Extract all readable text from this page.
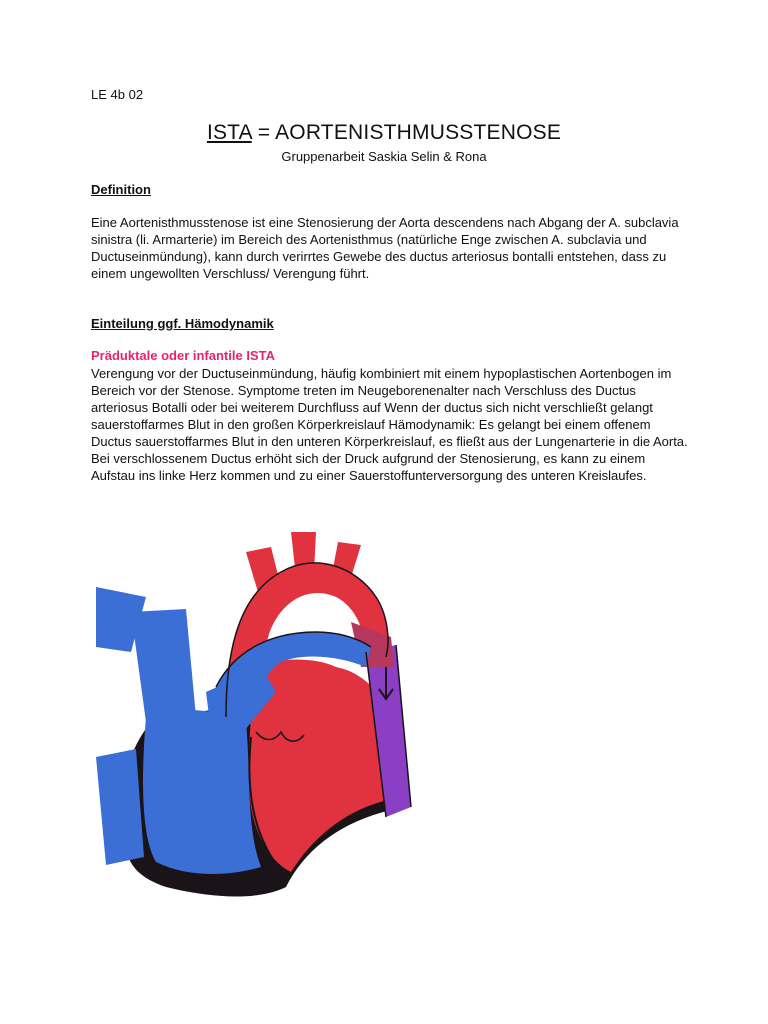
LE 4b 02
ISTA = AORTENISTHMUSSTENOSE
Gruppenarbeit Saskia Selin & Rona
Definition

Eine Aortenisthmusstenose ist eine Stenosierung der Aorta descendens nach Abgang der A. subclavia sinistra (li. Armarterie) im Bereich des Aortenisthmus (natürliche Enge zwischen A. subclavia und Ductuseinmündung), kann durch verirrtes Gewebe des ductus arteriosus bontalli entstehen, dass zu einem ungewollten Verschluss/ Verengung führt.

Einteilung ggf. Hämodynamik
Präduktale oder infantile ISTA

Verengung vor der Ductuseinmündung, häufig kombiniert mit einem hypoplastischen Aortenbogen im Bereich vor der Stenose. Symptome treten im Neugeborenenalter nach Verschluss des Ductus arteriosus Botalli oder bei weiterem Durchfluss auf Wenn der ductus sich nicht verschließt gelangt sauerstoffarmes Blut in den großen Körperkreislauf Hämodynamik: Es gelangt bei einem offenem Ductus sauerstoffarmes Blut in den unteren Körperkreislauf, es fließt aus der Lungenarterie in die Aorta. Bei verschlossenem Ductus erhöht sich der Druck aufgrund der Stenosierung, es kann zu einem Aufstau ins linke Herz kommen und zu einer Sauerstoffunterversorgung des unteren Kreislaufes.
